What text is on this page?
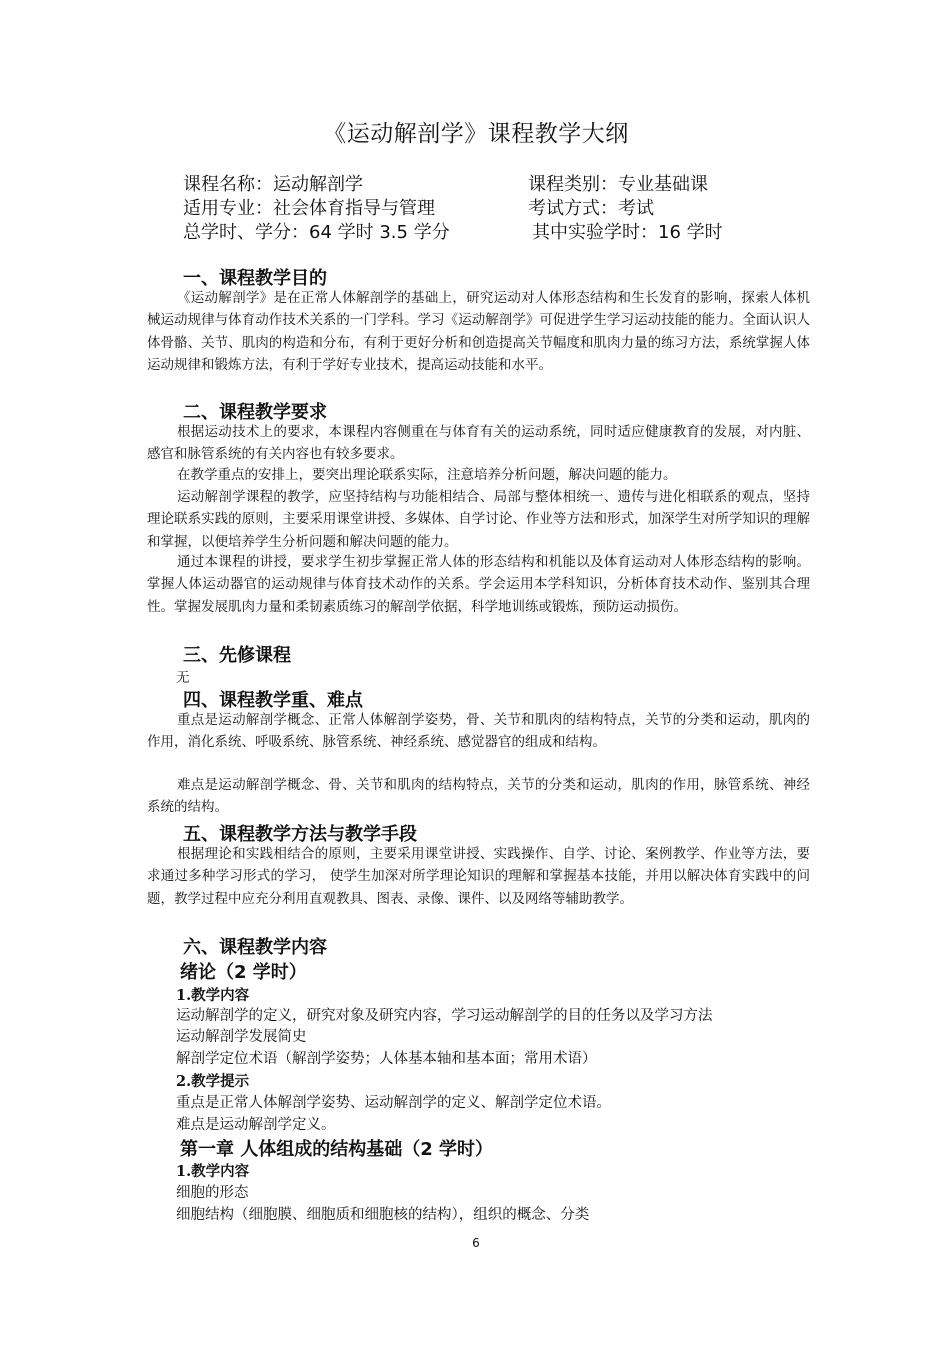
《运动解剖学》课程教学大纲
课程名称：运动解剖学	课程类别：专业基础课
适用专业：社会体育指导与管理	考试方式：考试
总学时、学分：64 学时 3.5 学分	其中实验学时：16 学时
一、课程教学目的

《运动解剖学》是在正常人体解剖学的基础上，研究运动对人体形态结构和生长发育的影响，探索人体机械运动规律与体育动作技术关系的一门学科。学习《运动解剖学》可促进学生学习运动技能的能力。全面认识人体骨骼、关节、肌肉的构造和分布，有利于更好分析和创造提高关节幅度和肌肉力量的练习方法，系统掌握人体运动规律和锻炼方法，有利于学好专业技术，提高运动技能和水平。

二、课程教学要求

根据运动技术上的要求，本课程内容侧重在与体育有关的运动系统，同时适应健康教育的发展，对内脏、感官和脉管系统的有关内容也有较多要求。

在教学重点的安排上，要突出理论联系实际，注意培养分析问题，解决问题的能力。

运动解剖学课程的教学，应坚持结构与功能相结合、局部与整体相统一、遗传与进化相联系的观点，坚持理论联系实践的原则，主要采用课堂讲授、多媒体、自学讨论、作业等方法和形式，加深学生对所学知识的理解和掌握，以便培养学生分析问题和解决问题的能力。

通过本课程的讲授，要求学生初步掌握正常人体的形态结构和机能以及体育运动对人体形态结构的影响。掌握人体运动器官的运动规律与体育技术动作的关系。学会运用本学科知识，分析体育技术动作、鉴别其合理性。掌握发展肌肉力量和柔韧素质练习的解剖学依据，科学地训练或锻炼，预防运动损伤。

三、先修课程
无
四、课程教学重、难点

重点是运动解剖学概念、正常人体解剖学姿势，骨、关节和肌肉的结构特点，关节的分类和运动，肌肉的作用，消化系统、呼吸系统、脉管系统、神经系统、感觉器官的组成和结构。

难点是运动解剖学概念、骨、关节和肌肉的结构特点，关节的分类和运动，肌肉的作用，脉管系统、神经系统的结构。

五、课程教学方法与教学手段

根据理论和实践相结合的原则，主要采用课堂讲授、实践操作、自学、讨论、案例教学、作业等方法，要求通过多种学习形式的学习， 使学生加深对所学理论知识的理解和掌握基本技能，并用以解决体育实践中的问题，教学过程中应充分利用直观教具、图表、录像、课件、以及网络等辅助教学。

六、课程教学内容
绪论（2 学时）
1.教学内容
运动解剖学的定义，研究对象及研究内容，学习运动解剖学的目的任务以及学习方法
运动解剖学发展简史
解剖学定位术语（解剖学姿势；人体基本轴和基本面；常用术语）
2.教学提示
重点是正常人体解剖学姿势、运动解剖学的定义、解剖学定位术语。
难点是运动解剖学定义。
第一章 人体组成的结构基础（2 学时）
1.教学内容
细胞的形态
细胞结构（细胞膜、细胞质和细胞核的结构），组织的概念、分类
6
